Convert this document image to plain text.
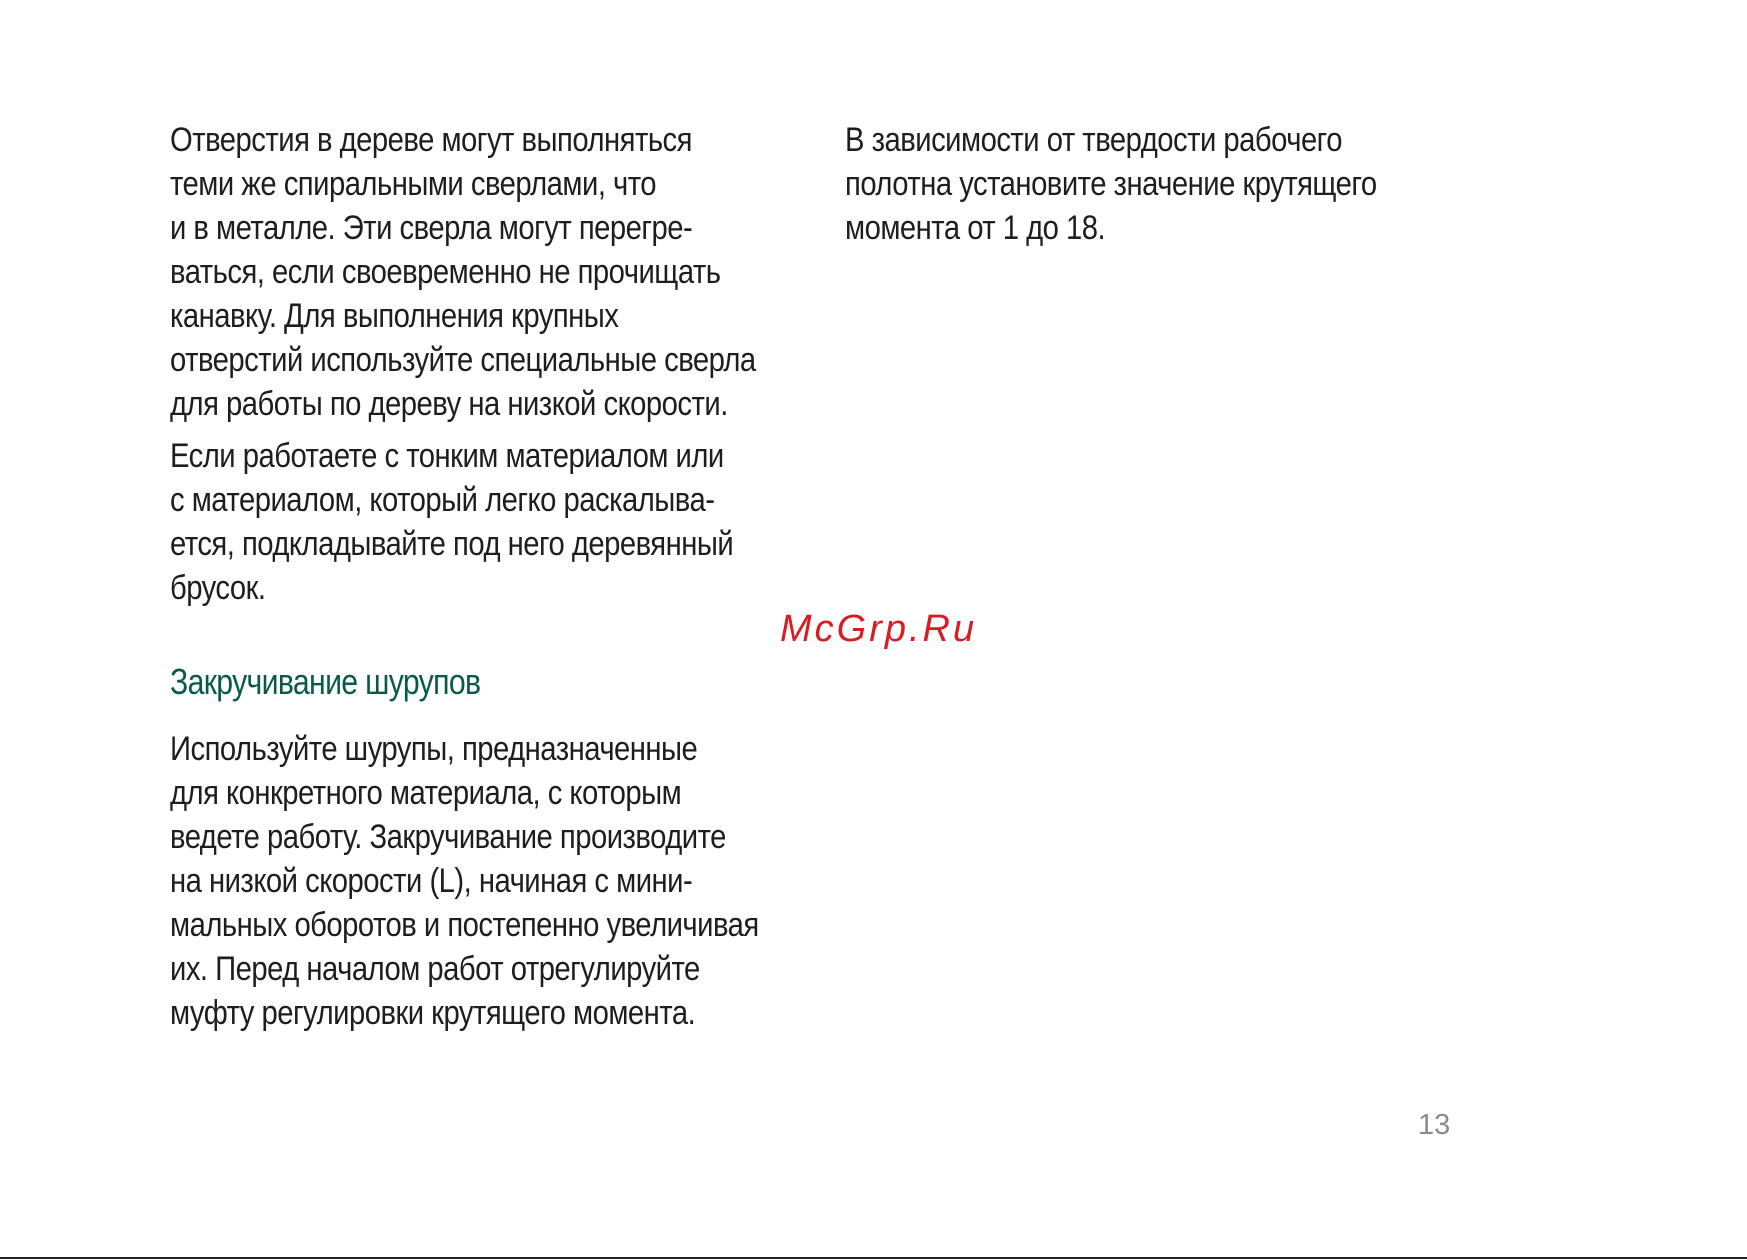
Отверстия в дереве могут выполняться
теми же спиральными сверлами, что
и в металле. Эти сверла могут перегре-
ваться, если своевременно не прочищать
канавку. Для выполнения крупных
отверстий используйте специальные сверла
для работы по дереву на низкой скорости.

Если работаете с тонким материалом или
с материалом, который легко раскалыва-
ется, подкладывайте под него деревянный
брусок.

Закручивание шурупов

Используйте шурупы, предназначенные
для конкретного материала, с которым
ведете работу. Закручивание производите
на низкой скорости (L), начиная с мини-
мальных оборотов и постепенно увеличивая
их. Перед началом работ отрегулируйте
муфту регулировки крутящего момента.

В зависимости от твердости рабочего
полотна установите значение крутящего
момента от 1 до 18.

McGrp.Ru
13
